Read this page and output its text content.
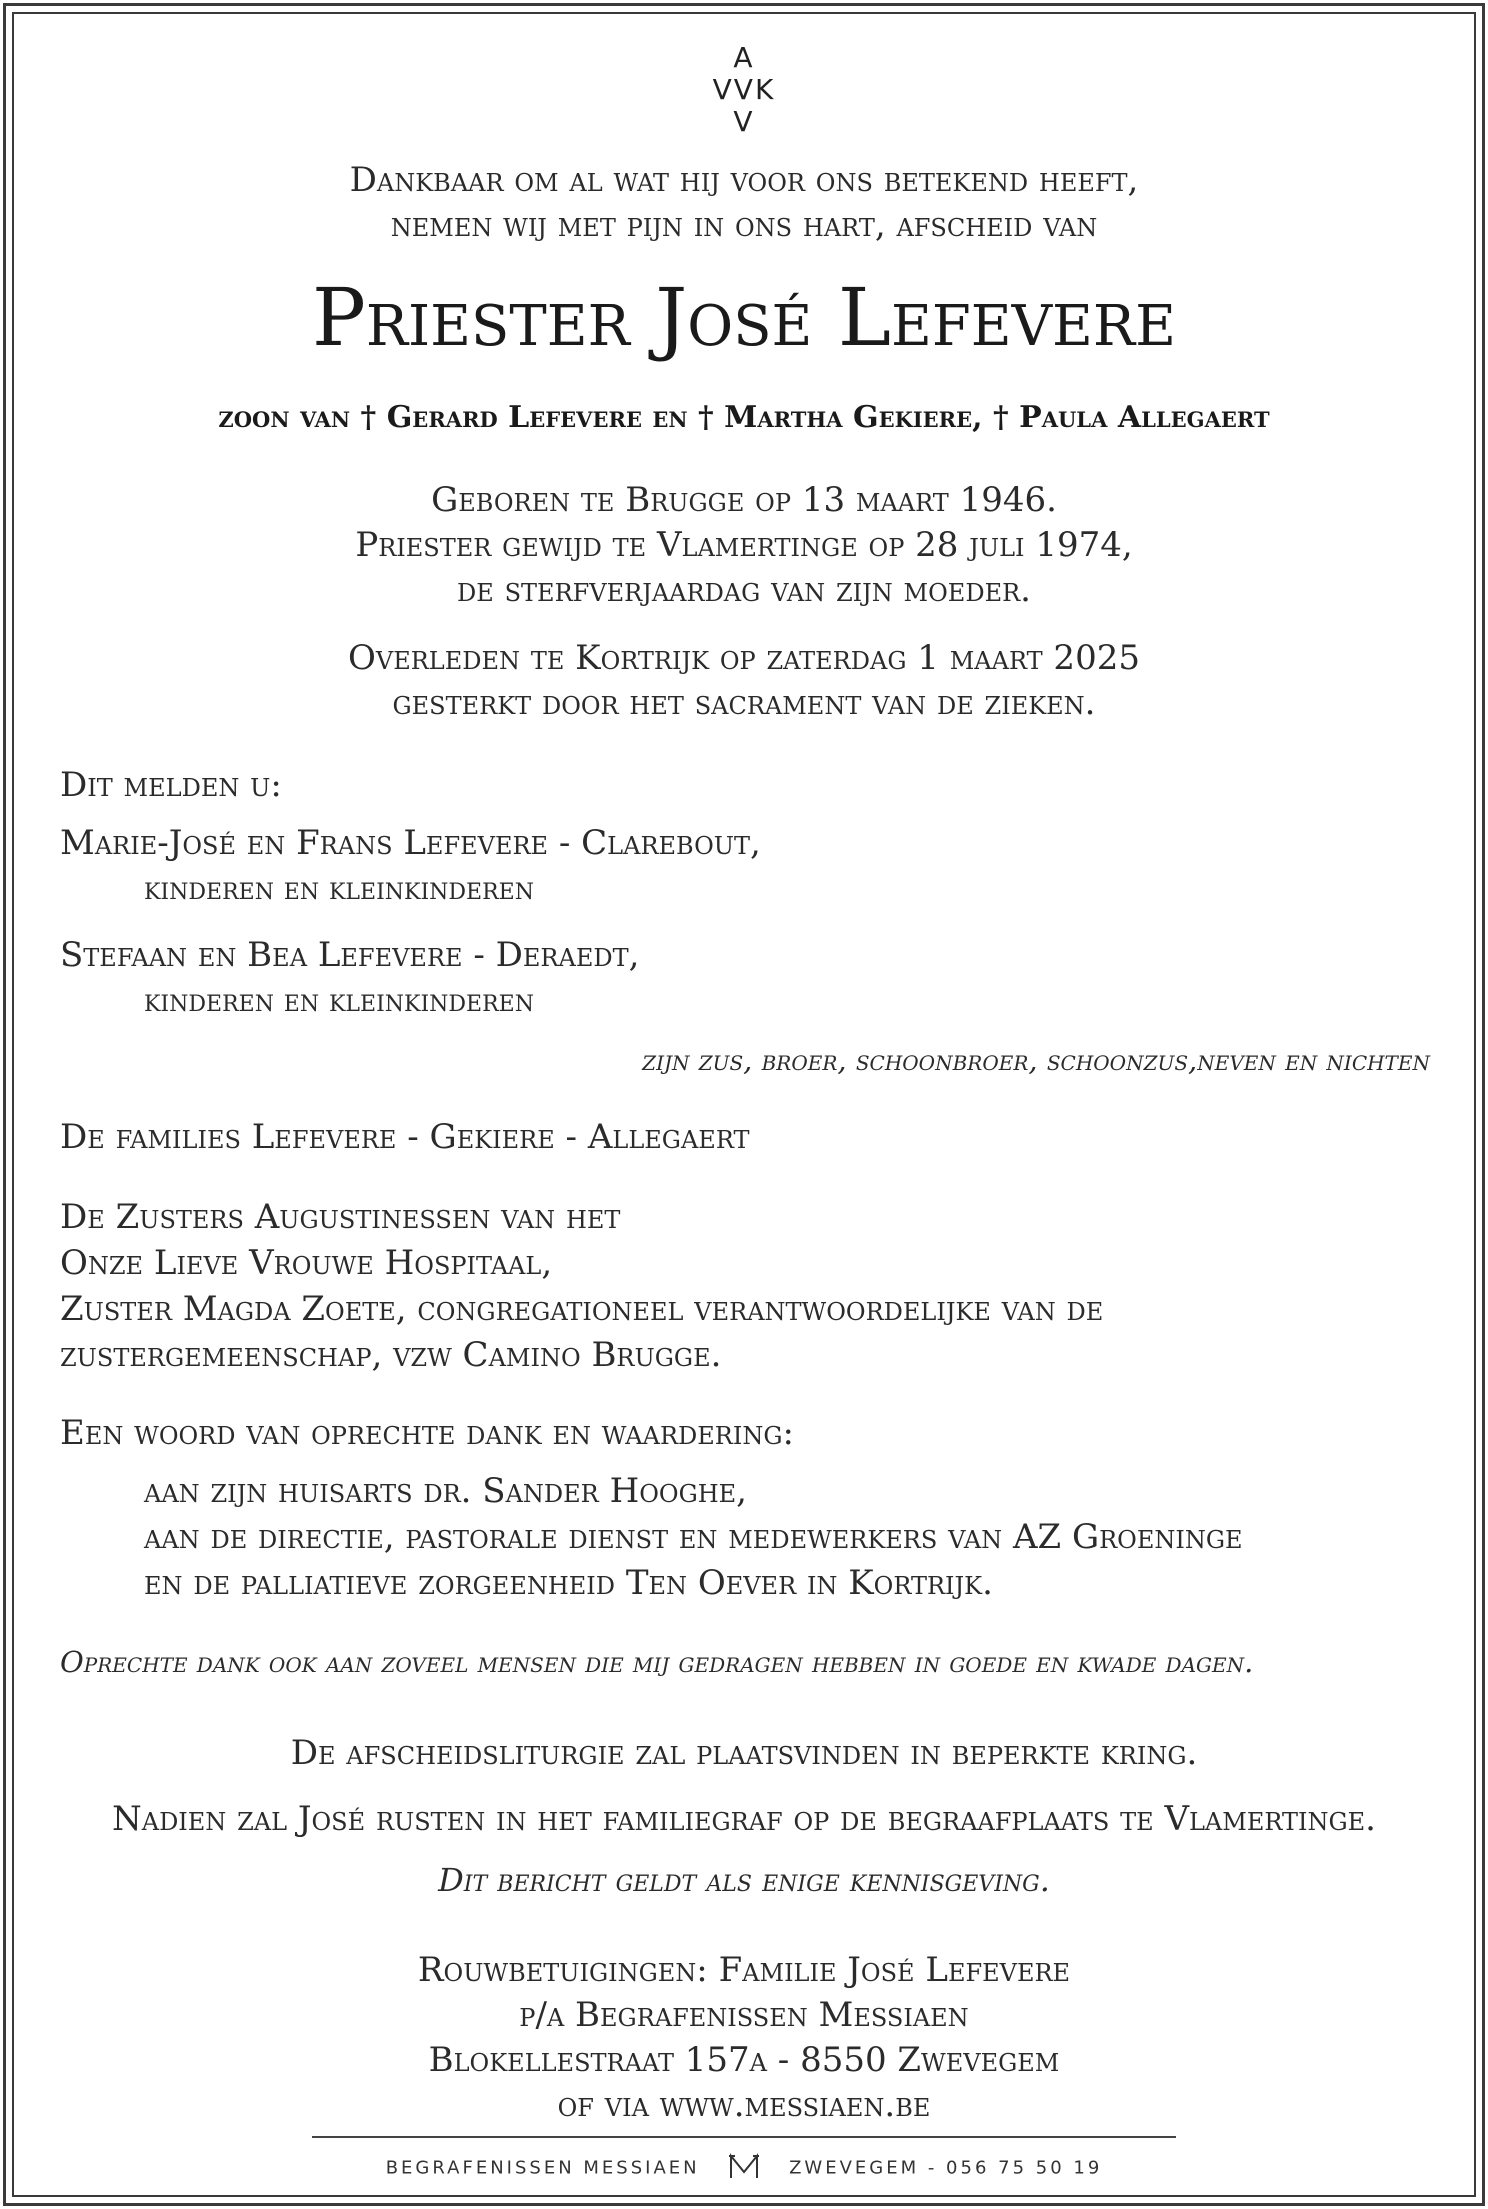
A
VVK
V
Dankbaar om al wat hij voor ons betekend heeft,
nemen wij met pijn in ons hart, afscheid van
Priester José Lefevere
zoon van † Gerard Lefevere en † Martha Gekiere, † Paula Allegaert
Geboren te Brugge op 13 maart 1946.
Priester gewijd te Vlamertinge op 28 juli 1974,
de sterfverjaardag van zijn moeder.
Overleden te Kortrijk op zaterdag 1 maart 2025
gesterkt door het sacrament van de zieken.
Dit melden u:
Marie-José en Frans Lefevere - Clarebout,
kinderen en kleinkinderen
Stefaan en Bea Lefevere - Deraedt,
kinderen en kleinkinderen
zijn zus, broer, schoonbroer, schoonzus,neven en nichten
De families Lefevere - Gekiere - Allegaert
De Zusters Augustinessen van het
Onze Lieve Vrouwe Hospitaal,
Zuster Magda Zoete, congregationeel verantwoordelijke van de
zustergemeenschap, vzw Camino Brugge.
Een woord van oprechte dank en waardering:
aan zijn huisarts dr. Sander Hooghe,
aan de directie, pastorale dienst en medewerkers van AZ Groeninge
en de palliatieve zorgeenheid Ten Oever in Kortrijk.
Oprechte dank ook aan zoveel mensen die mij gedragen hebben in goede en kwade dagen.
De afscheidsliturgie zal plaatsvinden in beperkte kring.
Nadien zal José rusten in het familiegraf op de begraafplaats te Vlamertinge.
Dit bericht geldt als enige kennisgeving.
Rouwbetuigingen: Familie José Lefevere
p/a Begrafenissen Messiaen
Blokellestraat 157a - 8550 Zwevegem
of via www.messiaen.be
BEGRAFENISSEN MESSIAEN	ZWEVEGEM - 056 75 50 19
